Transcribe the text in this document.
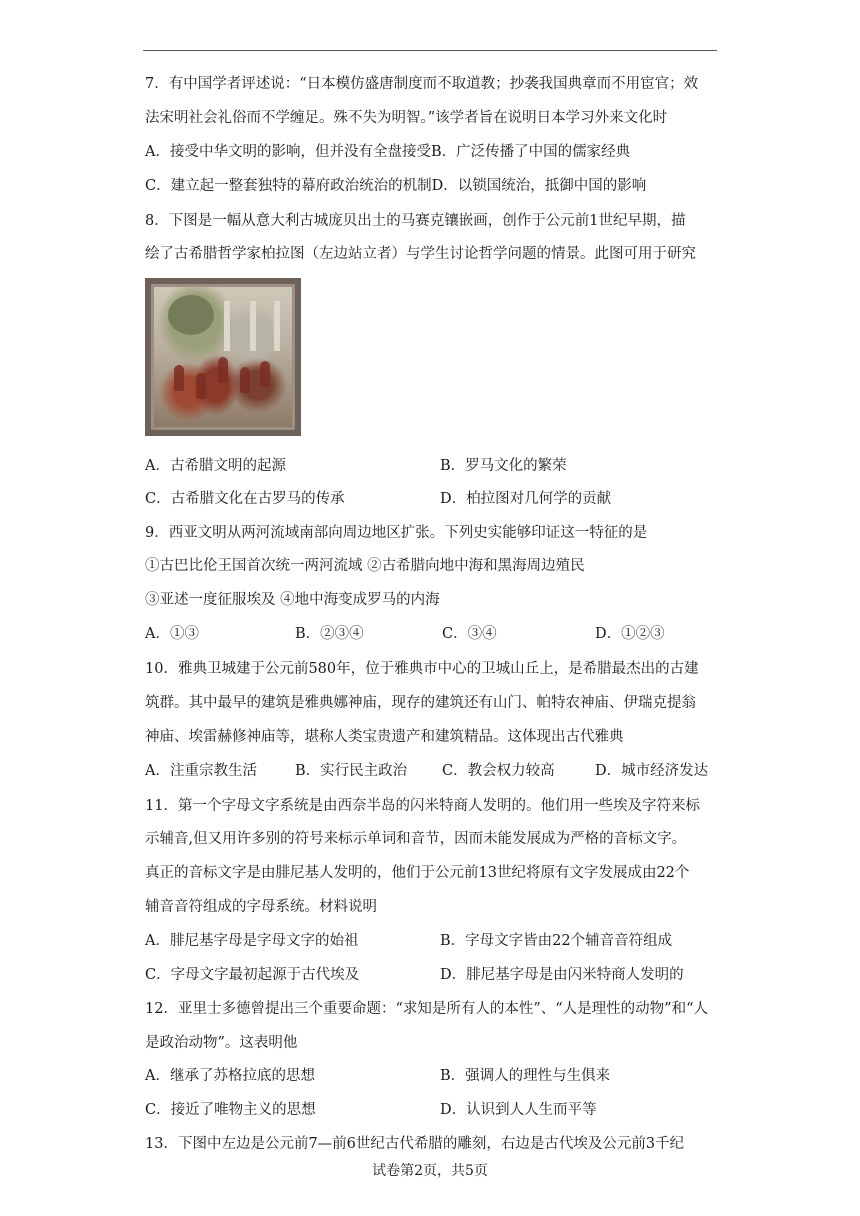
7．有中国学者评述说：“日本模仿盛唐制度而不取道教；抄袭我国典章而不用宦官；效
法宋明社会礼俗而不学缠足。殊不失为明智。”该学者旨在说明日本学习外来文化时
A．接受中华文明的影响，但并没有全盘接受B．广泛传播了中国的儒家经典
C．建立起一整套独特的幕府政治统治的机制D．以锁国统治，抵御中国的影响
8．下图是一幅从意大利古城庞贝出土的马赛克镶嵌画，创作于公元前1世纪早期，描
绘了古希腊哲学家柏拉图（左边站立者）与学生讨论哲学问题的情景。此图可用于研究
A．古希腊文明的起源	B．罗马文化的繁荣
C．古希腊文化在古罗马的传承	D．柏拉图对几何学的贡献
9．西亚文明从两河流域南部向周边地区扩张。下列史实能够印证这一特征的是
①古巴比伦王国首次统一两河流域 ②古希腊向地中海和黑海周边殖民
③亚述一度征服埃及 ④地中海变成罗马的内海
A．①③	B．②③④	C．③④	D．①②③
10．雅典卫城建于公元前580年，位于雅典市中心的卫城山丘上，是希腊最杰出的古建
筑群。其中最早的建筑是雅典娜神庙，现存的建筑还有山门、帕特农神庙、伊瑞克提翁
神庙、埃雷赫修神庙等，堪称人类宝贵遗产和建筑精品。这体现出古代雅典
A．注重宗教生活	B．实行民主政治 C．教会权力较高	D．城市经济发达
11．第一个字母文字系统是由西奈半岛的闪米特商人发明的。他们用一些埃及字符来标
示辅音,但又用许多别的符号来标示单词和音节，因而未能发展成为严格的音标文字。
真正的音标文字是由腓尼基人发明的，他们于公元前13世纪将原有文字发展成由22个
辅音音符组成的字母系统。材料说明
A．腓尼基字母是字母文字的始祖	B．字母文字皆由22个辅音音符组成
C．字母文字最初起源于古代埃及	D．腓尼基字母是由闪米特商人发明的
12．亚里士多德曾提出三个重要命题：“求知是所有人的本性”、“人是理性的动物”和“人
是政治动物”。这表明他
A．继承了苏格拉底的思想	B．强调人的理性与生俱来
C．接近了唯物主义的思想	D．认识到人人生而平等
13．下图中左边是公元前7—前6世纪古代希腊的雕刻，右边是古代埃及公元前3千纪
试卷第2页，共5页
